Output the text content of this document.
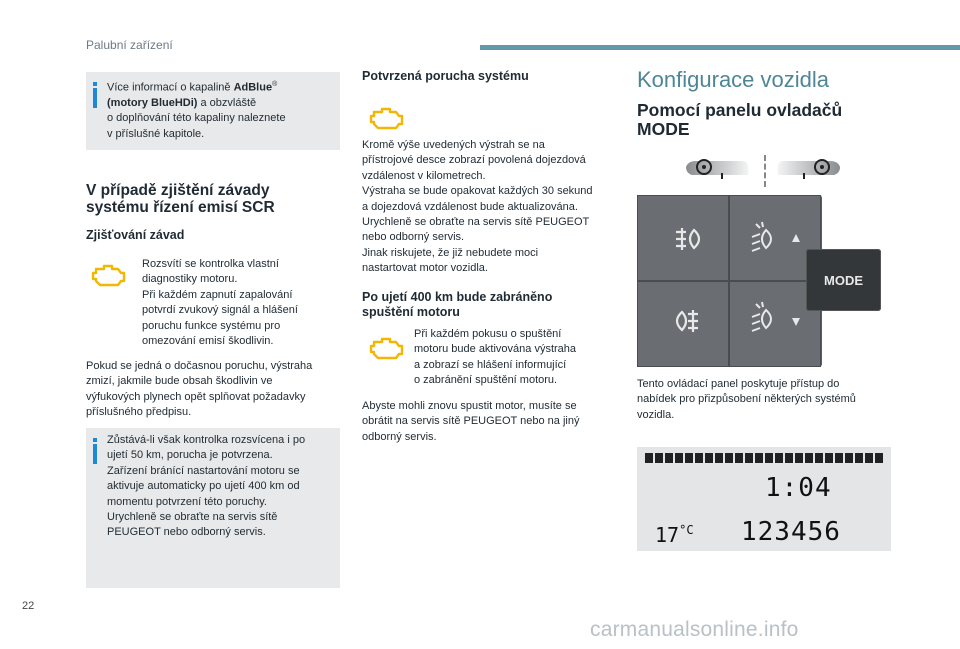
Palubní zařízení
Více informací o kapalině AdBlue®
(motory BlueHDi) a obzvláště
o doplňování této kapaliny naleznete
v příslušné kapitole.
V případě zjištění závady
systému řízení emisí SCR
Zjišťování závad
Rozsvítí se kontrolka vlastní
diagnostiky motoru.
Při každém zapnutí zapalování
potvrdí zvukový signál a hlášení
poruchu funkce systému pro
omezování emisí škodlivin.
Pokud se jedná o dočasnou poruchu, výstraha
zmizí, jakmile bude obsah škodlivin ve
výfukových plynech opět splňovat požadavky
příslušného předpisu.
Zůstává-li však kontrolka rozsvícena i po
ujetí 50 km, porucha je potvrzena.
Zařízení bránící nastartování motoru se
aktivuje automaticky po ujetí 400 km od
momentu potvrzení této poruchy.
Urychleně se obraťte na servis sítě
PEUGEOT nebo odborný servis.
Potvrzená porucha systému
Kromě výše uvedených výstrah se na
přístrojové desce zobrazí povolená dojezdová
vzdálenost v kilometrech.
Výstraha se bude opakovat každých 30 sekund
a dojezdová vzdálenost bude aktualizována.
Urychleně se obraťte na servis sítě PEUGEOT
nebo odborný servis.
Jinak riskujete, že již nebudete moci
nastartovat motor vozidla.
Po ujetí 400 km bude zabráněno
spuštění motoru
Při každém pokusu o spuštění
motoru bude aktivována výstraha
a zobrazí se hlášení informující
o zabránění spuštění motoru.
Abyste mohli znovu spustit motor, musíte se
obrátit na servis sítě PEUGEOT nebo na jiný
odborný servis.
Konfigurace vozidla
Pomocí panelu ovladačů
MODE
MODE
Tento ovládací panel poskytuje přístup do
nabídek pro přizpůsobení některých systémů
vozidla.
1:04
$17^{^\circ C}$ 123456
22
carmanualsonline.info
